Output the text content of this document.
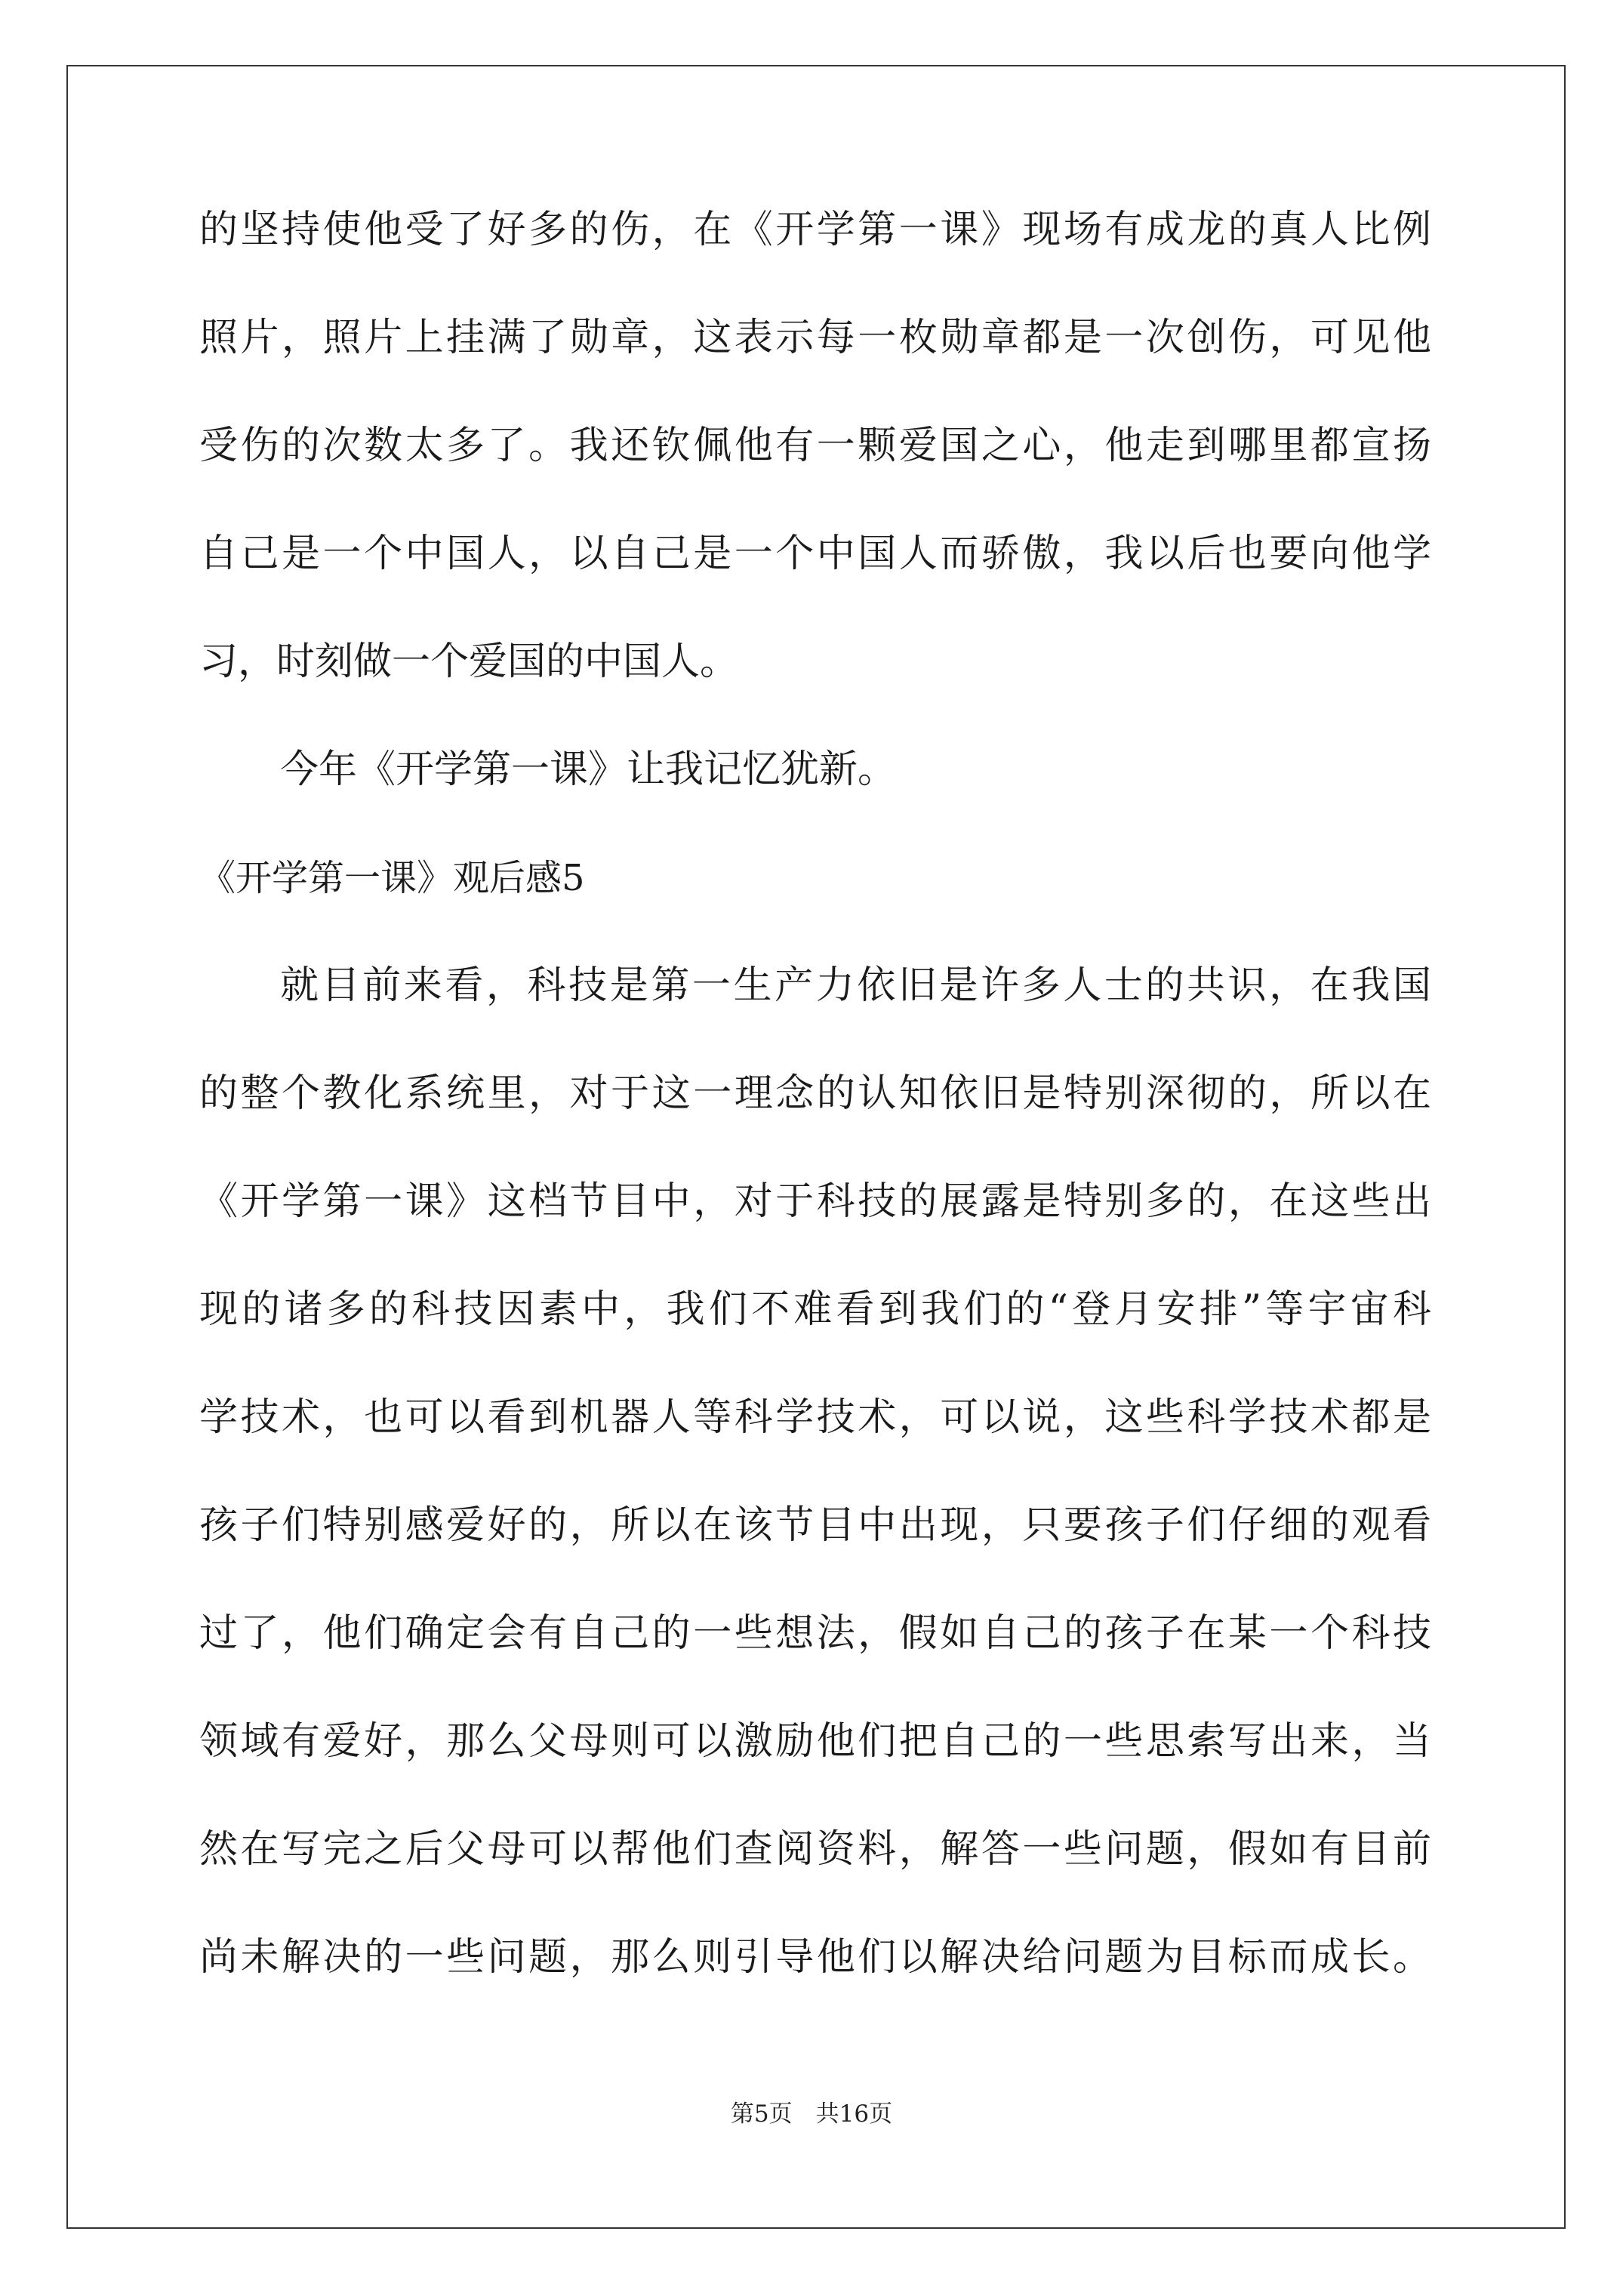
的坚持使他受了好多的伤，在《开学第一课》现场有成龙的真人比例
照片，照片上挂满了勋章，这表示每一枚勋章都是一次创伤，可见他
受伤的次数太多了。我还钦佩他有一颗爱国之心，他走到哪里都宣扬
自己是一个中国人，以自己是一个中国人而骄傲，我以后也要向他学
习，时刻做一个爱国的中国人。
今年《开学第一课》让我记忆犹新。
《开学第一课》观后感5
就目前来看，科技是第一生产力依旧是许多人士的共识，在我国
的整个教化系统里，对于这一理念的认知依旧是特别深彻的，所以在
《开学第一课》这档节目中，对于科技的展露是特别多的，在这些出
现的诸多的科技因素中，我们不难看到我们的“登月安排”等宇宙科
学技术，也可以看到机器人等科学技术，可以说，这些科学技术都是
孩子们特别感爱好的，所以在该节目中出现，只要孩子们仔细的观看
过了，他们确定会有自己的一些想法，假如自己的孩子在某一个科技
领域有爱好，那么父母则可以激励他们把自己的一些思索写出来，当
然在写完之后父母可以帮他们查阅资料，解答一些问题，假如有目前
尚未解决的一些问题，那么则引导他们以解决给问题为目标而成长。
第5页　共16页
